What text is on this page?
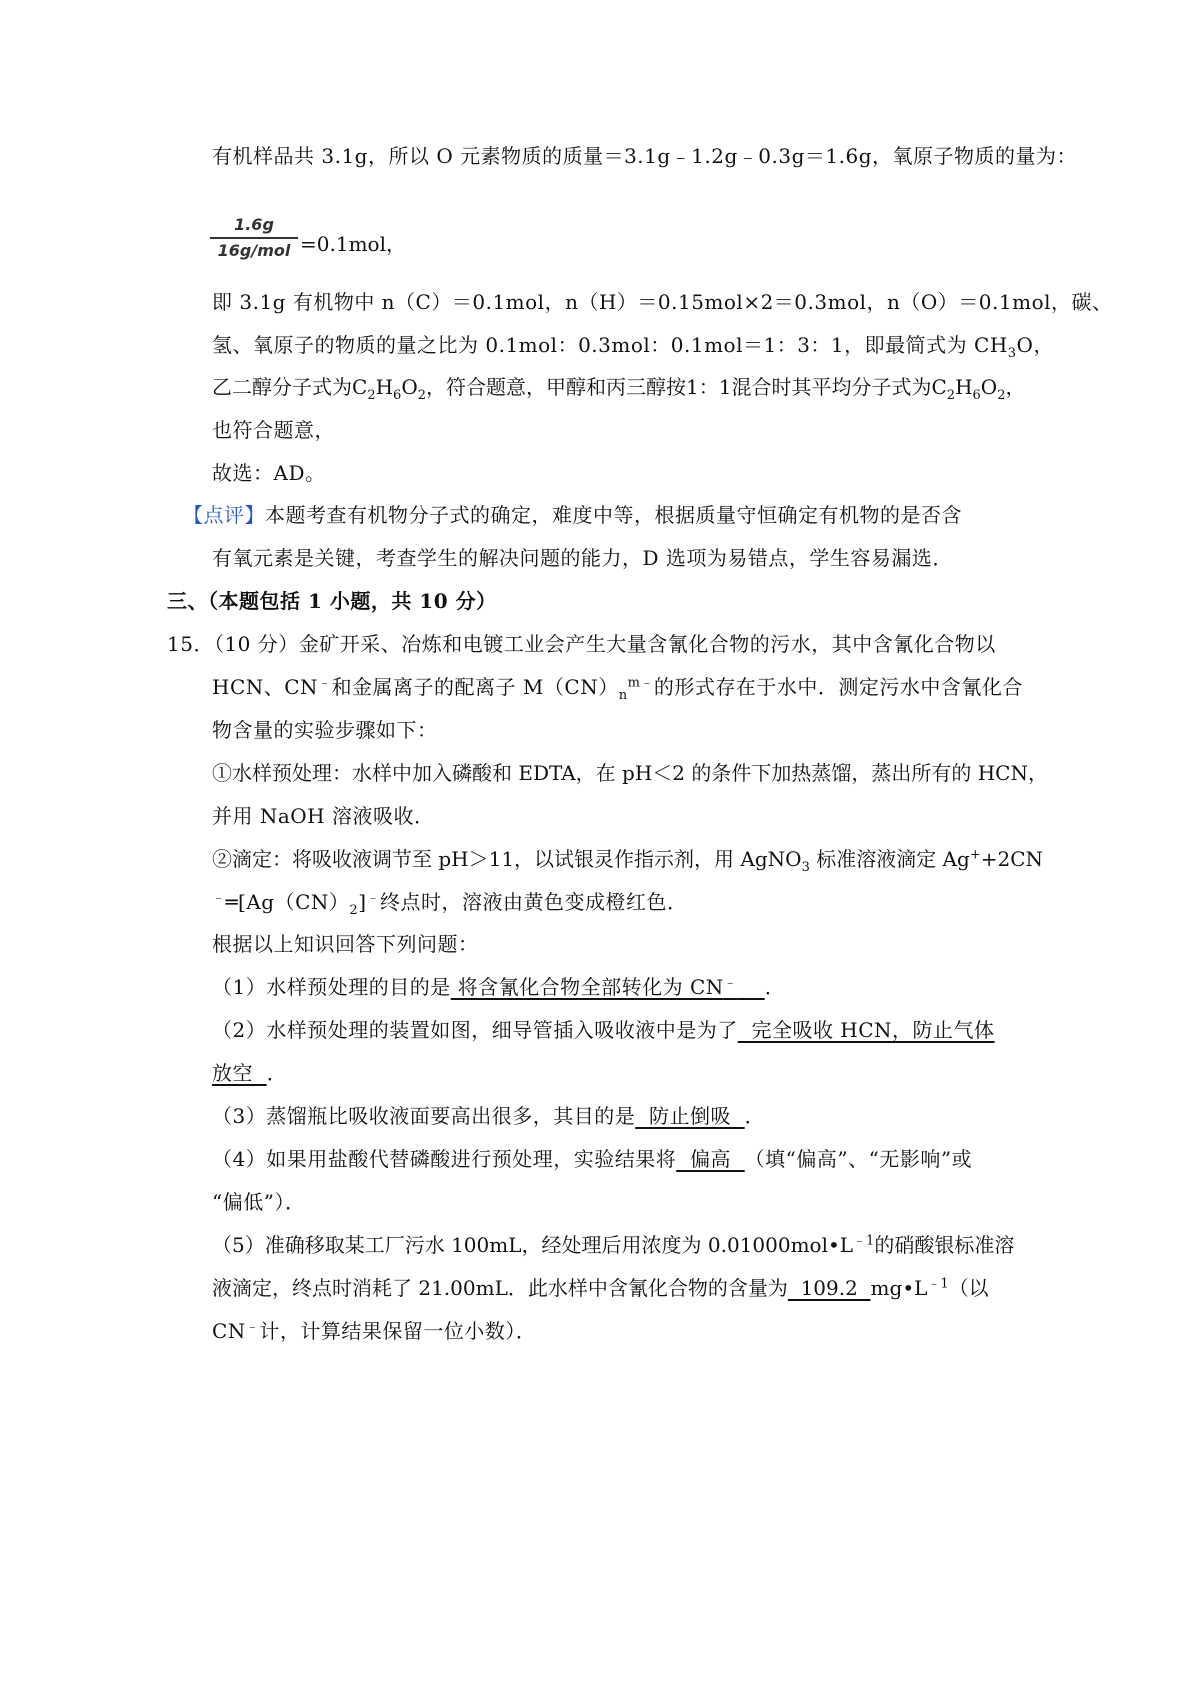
有机样品共 3.1g，所以 O 元素物质的质量＝3.1g﹣1.2g﹣0.3g＝1.6g，氧原子物质的量为：
1.6g
16g/mol =0.1mol，
即 3.1g 有机物中 n（C）＝0.1mol，n（H）＝0.15mol×2＝0.3mol，n（O）＝0.1mol，碳、
氢、氧原子的物质的量之比为 0.1mol：0.3mol：0.1mol＝1：3：1，即最简式为 $CH_3O$，
乙二醇分子式为$C_2H_6O_2$，符合题意，甲醇和丙三醇按1：1混合时其平均分子式为$C_2H_6O_2$，
也符合题意，
故选：AD。
【点评】本题考查有机物分子式的确定，难度中等，根据质量守恒确定有机物的是否含
有氧元素是关键，考查学生的解决问题的能力，D 选项为易错点，学生容易漏选．
三、（本题包括 1 小题，共 10 分）
15．（10 分）金矿开采、冶炼和电镀工业会产生大量含氰化合物的污水，其中含氰化合物以
HCN、CN﹣和金属离子的配离子 $M(CN)_n^{m﹣}$的形式存在于水中．测定污水中含氰化合
物含量的实验步骤如下：
①水样预处理：水样中加入磷酸和 EDTA，在 pH＜2 的条件下加热蒸馏，蒸出所有的 HCN，
并用 NaOH 溶液吸收．
②滴定：将吸收液调节至 pH＞11，以试银灵作指示剂，用 AgNO$_3$ 标准溶液滴定 Ag++2CN
$^﹣═[Ag(CN)_2]^﹣$终点时，溶液由黄色变成橙红色．
根据以上知识回答下列问题：
（1）水样预处理的目的是 将含氰化合物全部转化为 CN﹣ ．
（2）水样预处理的装置如图，细导管插入吸收液中是为了  完全吸收 HCN，防止气体
放空  ．
（3）蒸馏瓶比吸收液面要高出很多，其目的是  防止倒吸  ．
（4）如果用盐酸代替磷酸进行预处理，实验结果将  偏高  （填“偏高”、“无影响”或
“偏低”）．
（5）准确移取某工厂污水 100mL，经处理后用浓度为 $0.01000mol•L^{﹣1}$的硝酸银标准溶
液滴定，终点时消耗了 21.00mL．此水样中含氰化合物的含量为  109.2  $mg•L^{﹣1}$（以
CN﹣计，计算结果保留一位小数）．
